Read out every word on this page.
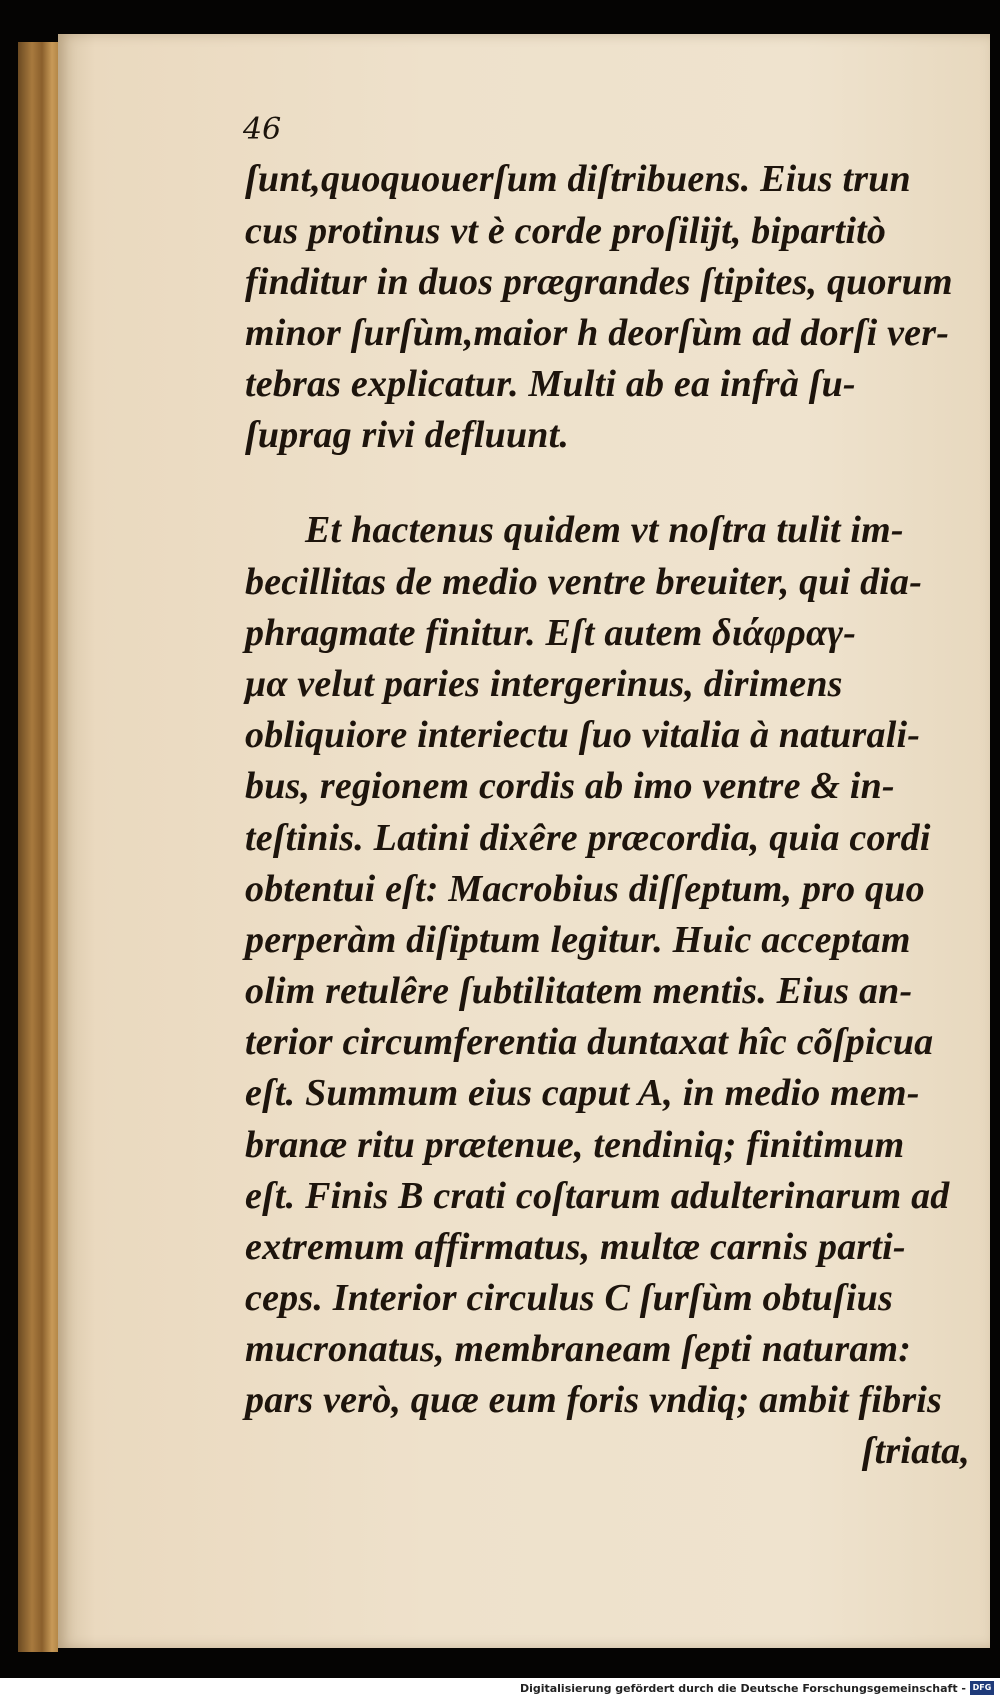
46
ſunt,quoquouerſum diſtribuens. Eius trun
cus protinus vt è corde proſilijt, bipartitò
finditur in duos prægrandes ſtipites, quorum
minor ſurſùm,maior h deorſùm ad dorſi ver-
tebras explicatur. Multi ab ea infrà ſu-
ſuprag rivi defluunt.
Et hactenus quidem vt noſtra tulit im-
becillitas de medio ventre breuiter, qui dia-
phragmate finitur. Eſt autem διάφραγ-
μα velut paries intergerinus, dirimens
obliquiore interiectu ſuo vitalia à naturali-
bus, regionem cordis ab imo ventre & in-
teſtinis. Latini dixêre præcordia, quia cordi
obtentui eſt: Macrobius diſſeptum, pro quo
perperàm diſiptum legitur. Huic acceptam
olim retulêre ſubtilitatem mentis. Eius an-
terior circumferentia duntaxat hîc cõſpicua
eſt. Summum eius caput A, in medio mem-
branæ ritu prætenue, tendiniq; finitimum
eſt. Finis B crati coſtarum adulterinarum ad
extremum affirmatus, multæ carnis parti-
ceps. Interior circulus C ſurſùm obtuſius
mucronatus, membraneam ſepti naturam:
pars verò, quæ eum foris vndiq; ambit fibris
ſtriata,
Digitalisierung gefördert durch die Deutsche Forschungsgemeinschaft - DFG
